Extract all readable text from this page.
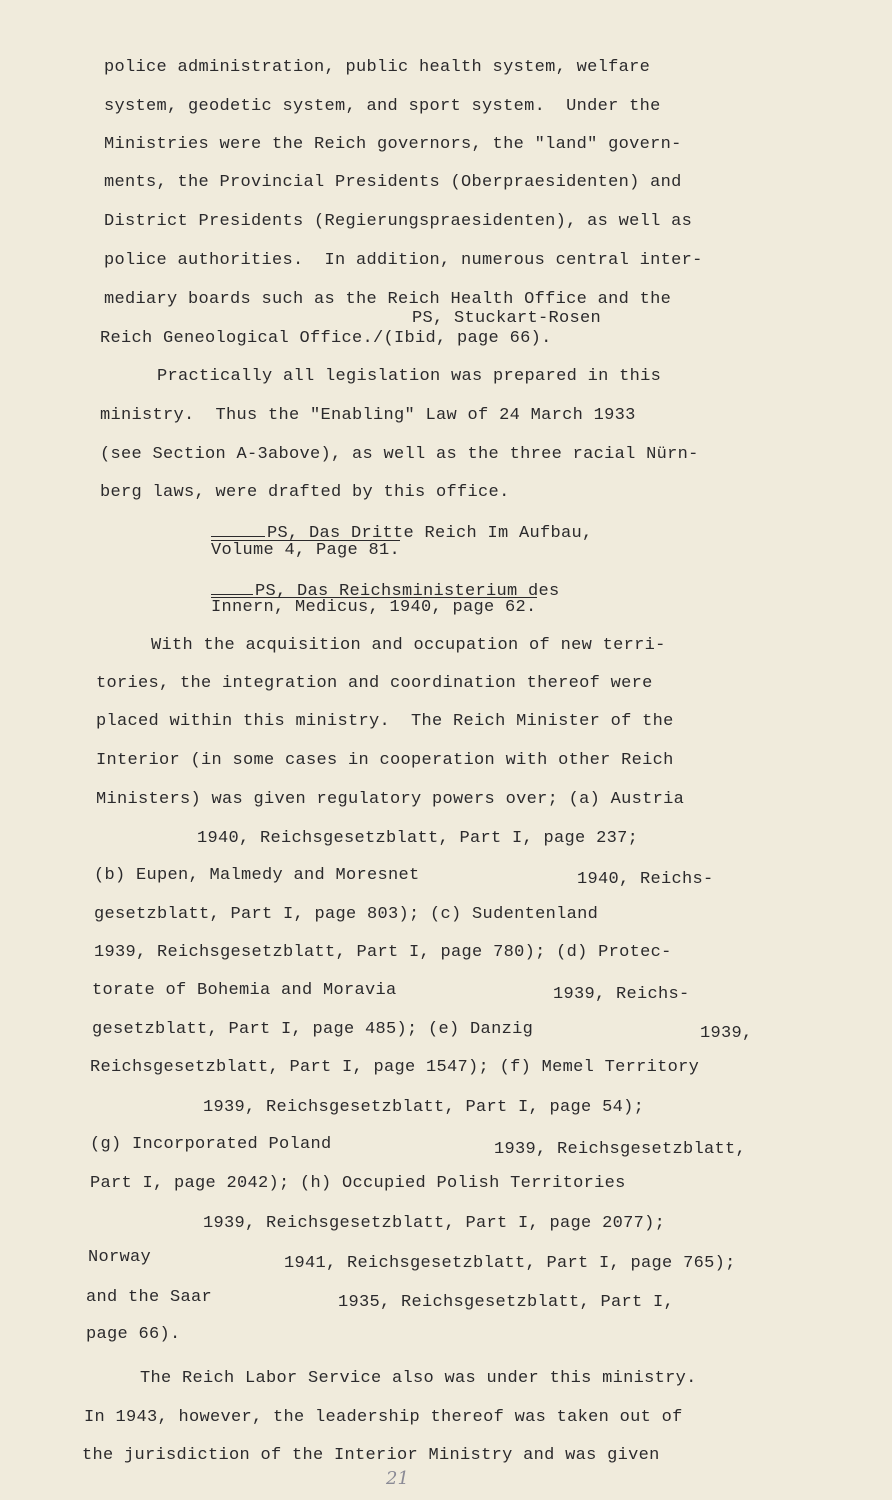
police administration, public health system, welfare
system, geodetic system, and sport system.  Under the
Ministries were the Reich governors, the "land" govern-
ments, the Provincial Presidents (Oberpraesidenten) and
District Presidents (Regierungspraesidenten), as well as
police authorities.  In addition, numerous central inter-
mediary boards such as the Reich Health Office and the
PS, Stuckart-Rosen
Reich Geneological Office./(Ibid, page 66).
Practically all legislation was prepared in this
ministry.  Thus the "Enabling" Law of 24 March 1933
(see Section A-3above), as well as the three racial Nürn-
berg laws, were drafted by this office.
PS, Das Dritte Reich Im Aufbau,
Volume 4, Page 81.
PS, Das Reichsministerium des
Innern, Medicus, 1940, page 62.
With the acquisition and occupation of new terri-
tories, the integration and coordination thereof were
placed within this ministry.  The Reich Minister of the
Interior (in some cases in cooperation with other Reich
Ministers) was given regulatory powers over; (a) Austria
1940, Reichsgesetzblatt, Part I, page 237;
(b) Eupen, Malmedy and Moresnet	1940, Reichs-
gesetzblatt, Part I, page 803); (c) Sudentenland
1939, Reichsgesetzblatt, Part I, page 780); (d) Protec-
torate of Bohemia and Moravia	1939, Reichs-
gesetzblatt, Part I, page 485); (e) Danzig	1939,
Reichsgesetzblatt, Part I, page 1547); (f) Memel Territory
1939, Reichsgesetzblatt, Part I, page 54);
(g) Incorporated Poland	1939, Reichsgesetzblatt,
Part I, page 2042); (h) Occupied Polish Territories
1939, Reichsgesetzblatt, Part I, page 2077);
Norway	1941, Reichsgesetzblatt, Part I, page 765);
and the Saar	1935, Reichsgesetzblatt, Part I,
page 66).
The Reich Labor Service also was under this ministry.
In 1943, however, the leadership thereof was taken out of
the jurisdiction of the Interior Ministry and was given
21
